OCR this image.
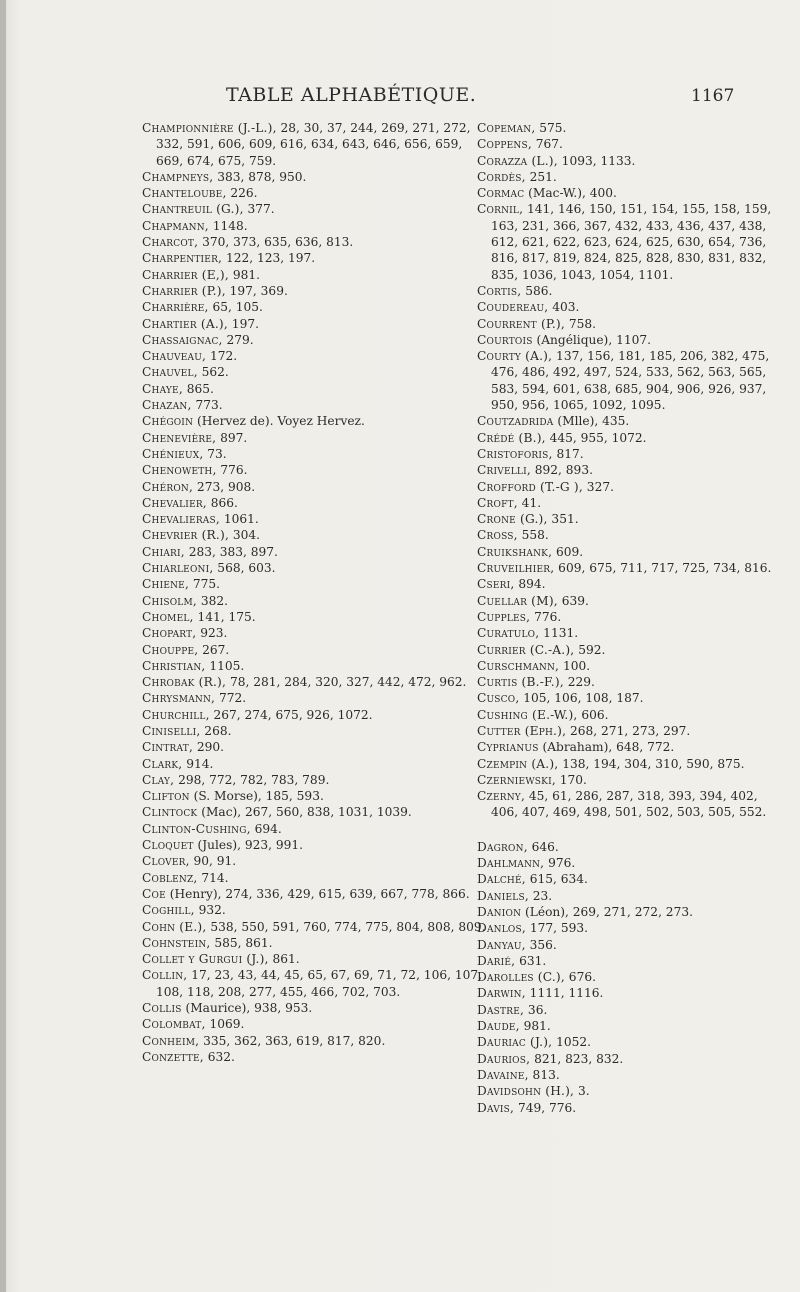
TABLE ALPHABÉTIQUE.	1167
Championnière (J.-L.), 28, 30, 37, 244, 269, 271, 272, 332, 591, 606, 609, 616, 634, 643, 646, 656, 659, 669, 674, 675, 759.
Champneys, 383, 878, 950.
Chanteloube, 226.
Chantreuil (G.), 377.
Chapmann, 1148.
Charcot, 370, 373, 635, 636, 813.
Charpentier, 122, 123, 197.
Charrier (E,), 981.
Charrier (P.), 197, 369.
Charrière, 65, 105.
Chartier (A.), 197.
Chassaignac, 279.
Chauveau, 172.
Chauvel, 562.
Chaye, 865.
Chazan, 773.
Chégoin (Hervez de). Voyez Hervez.
Chenevière, 897.
Chénieux, 73.
Chenoweth, 776.
Chéron, 273, 908.
Chevalier, 866.
Chevalieras, 1061.
Chevrier (R.), 304.
Chiari, 283, 383, 897.
Chiarleoni, 568, 603.
Chiene, 775.
Chisolm, 382.
Chomel, 141, 175.
Chopart, 923.
Chouppe, 267.
Christian, 1105.
Chrobak (R.), 78, 281, 284, 320, 327, 442, 472, 962.
Chrysmann, 772.
Churchill, 267, 274, 675, 926, 1072.
Ciniselli, 268.
Cintrat, 290.
Clark, 914.
Clay, 298, 772, 782, 783, 789.
Clifton (S. Morse), 185, 593.
Clintock (Mac), 267, 560, 838, 1031, 1039.
Clinton-Cushing, 694.
Cloquet (Jules), 923, 991.
Clover, 90, 91.
Coblenz, 714.
Coe (Henry), 274, 336, 429, 615, 639, 667, 778, 866.
Coghill, 932.
Cohn (E.), 538, 550, 591, 760, 774, 775, 804, 808, 809.
Cohnstein, 585, 861.
Collet y Gurgui (J.), 861.
Collin, 17, 23, 43, 44, 45, 65, 67, 69, 71, 72, 106, 107, 108, 118, 208, 277, 455, 466, 702, 703.
Collis (Maurice), 938, 953.
Colombat, 1069.
Conheim, 335, 362, 363, 619, 817, 820.
Conzette, 632.
Copeman, 575.
Coppens, 767.
Corazza (L.), 1093, 1133.
Cordès, 251.
Cormac (Mac-W.), 400.
Cornil, 141, 146, 150, 151, 154, 155, 158, 159, 163, 231, 366, 367, 432, 433, 436, 437, 438, 612, 621, 622, 623, 624, 625, 630, 654, 736, 816, 817, 819, 824, 825, 828, 830, 831, 832, 835, 1036, 1043, 1054, 1101.
Cortis, 586.
Coudereau, 403.
Courrent (P.), 758.
Courtois (Angélique), 1107.
Courty (A.), 137, 156, 181, 185, 206, 382, 475, 476, 486, 492, 497, 524, 533, 562, 563, 565, 583, 594, 601, 638, 685, 904, 906, 926, 937, 950, 956, 1065, 1092, 1095.
Coutzadrida (Mlle), 435.
Crédé (B.), 445, 955, 1072.
Cristoforis, 817.
Crivelli, 892, 893.
Crofford (T.-G ), 327.
Croft, 41.
Crone (G.), 351.
Cross, 558.
Cruikshank, 609.
Cruveilhier, 609, 675, 711, 717, 725, 734, 816.
Cseri, 894.
Cuellar (M), 639.
Cupples, 776.
Curatulo, 1131.
Currier (C.-A.), 592.
Curschmann, 100.
Curtis (B.-F.), 229.
Cusco, 105, 106, 108, 187.
Cushing (E.-W.), 606.
Cutter (Eph.), 268, 271, 273, 297.
Cyprianus (Abraham), 648, 772.
Czempin (A.), 138, 194, 304, 310, 590, 875.
Czerniewski, 170.
Czerny, 45, 61, 286, 287, 318, 393, 394, 402, 406, 407, 469, 498, 501, 502, 503, 505, 552.
Dagron, 646.
Dahlmann, 976.
Dalché, 615, 634.
Daniels, 23.
Danion (Léon), 269, 271, 272, 273.
Danlos, 177, 593.
Danyau, 356.
Darié, 631.
Darolles (C.), 676.
Darwin, 1111, 1116.
Dastre, 36.
Daude, 981.
Dauriac (J.), 1052.
Daurios, 821, 823, 832.
Davaine, 813.
Davidsohn (H.), 3.
Davis, 749, 776.
